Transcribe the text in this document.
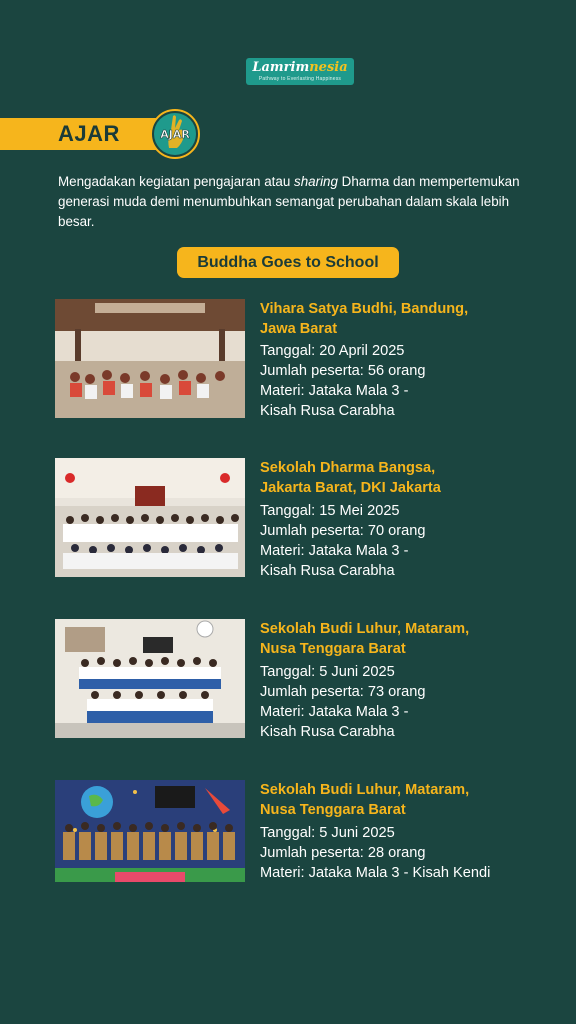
Lamrimnesia
Pathway to Everlasting Happiness
AJAR	AJAR
Mengadakan kegiatan pengajaran atau sharing Dharma dan mempertemukan generasi muda demi menumbuhkan semangat perubahan dalam skala lebih besar.
Buddha Goes to School
Vihara Satya Budhi, Bandung,
Jawa Barat
Tanggal: 20 April 2025
Jumlah peserta: 56 orang
Materi: Jataka Mala 3 -
Kisah Rusa Carabha
Sekolah Dharma Bangsa,
Jakarta Barat, DKI Jakarta
Tanggal: 15 Mei 2025
Jumlah peserta: 70 orang
Materi: Jataka Mala 3 -
Kisah Rusa Carabha
Sekolah Budi Luhur, Mataram,
Nusa Tenggara Barat
Tanggal: 5 Juni 2025
Jumlah peserta: 73 orang
Materi: Jataka Mala 3 -
Kisah Rusa Carabha
Sekolah Budi Luhur, Mataram,
Nusa Tenggara Barat
Tanggal: 5 Juni 2025
Jumlah peserta: 28 orang
Materi: Jataka Mala 3 - Kisah Kendi
